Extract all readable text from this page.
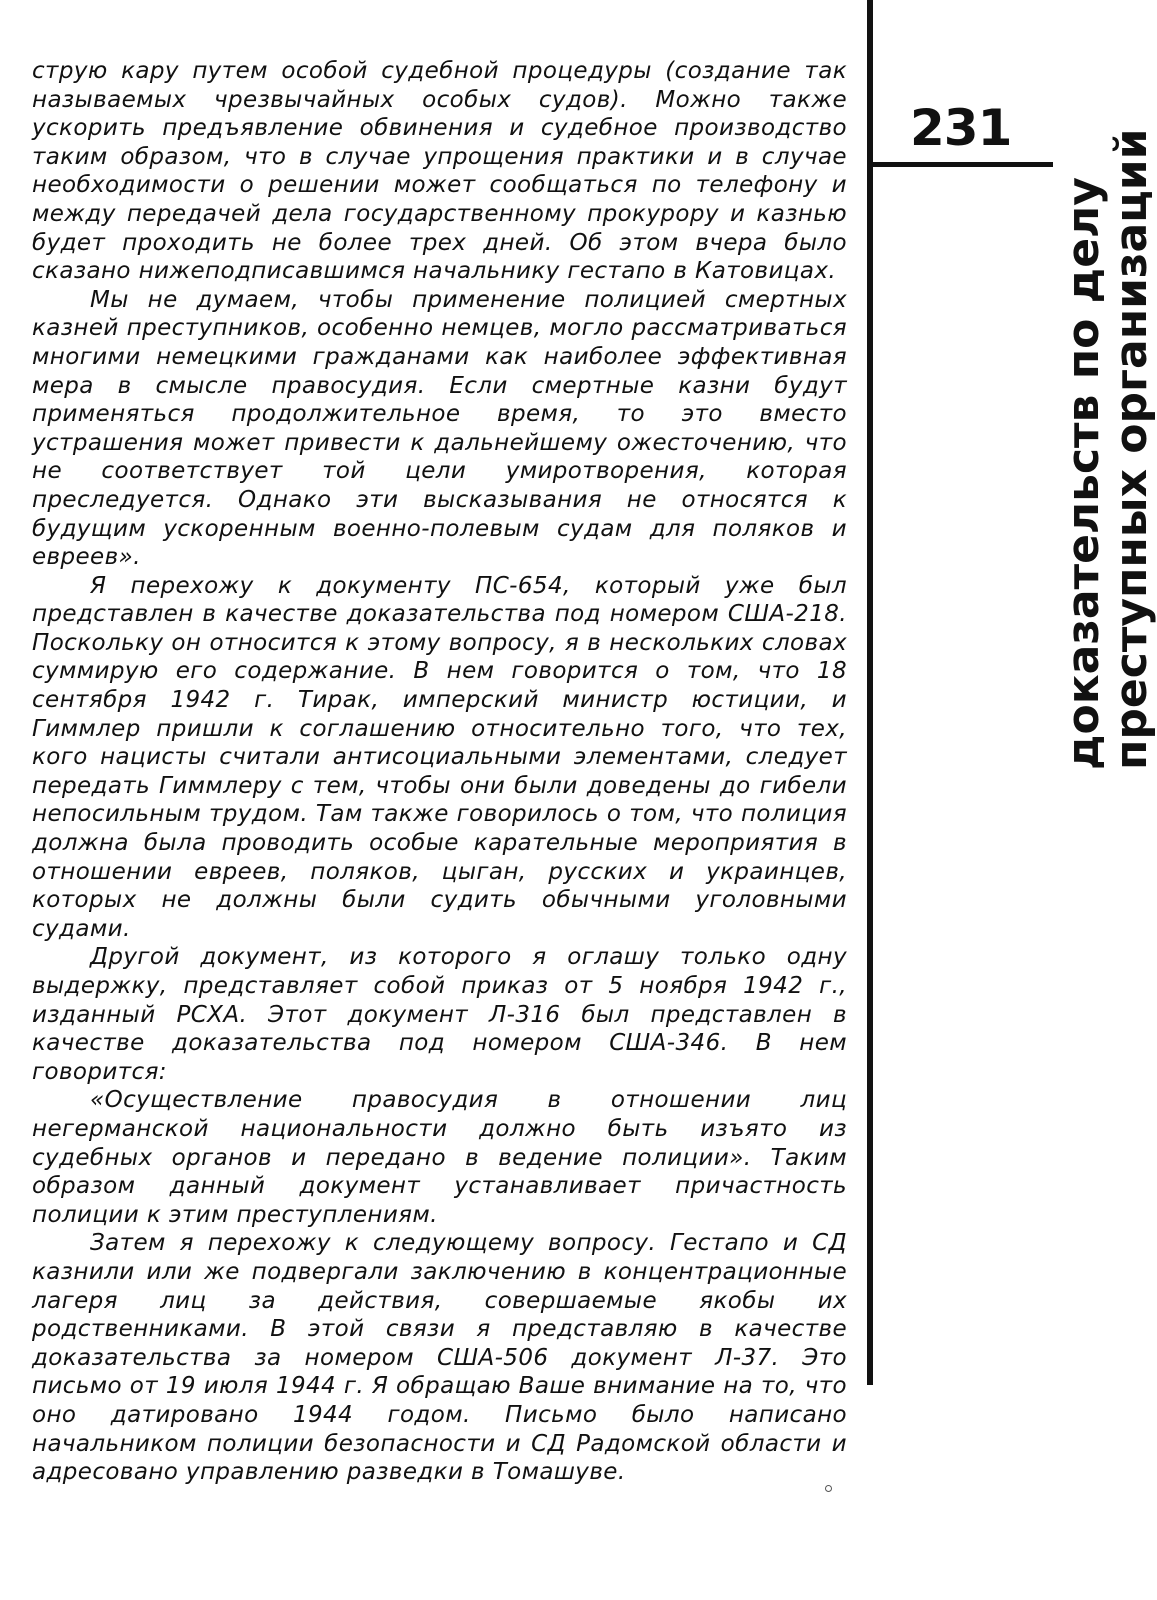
струю кару путем особой судебной процедуры (создание так называемых чрезвычайных особых судов). Можно также ускорить предъявление обвинения и судебное производство таким образом, что в случае упрощения практики и в случае необходимости о решении может сообщаться по телефону и между передачей дела государственному прокурору и казнью будет проходить не более трех дней. Об этом вчера было сказано нижеподписавшимся начальнику гестапо в Катовицах.

Мы не думаем, чтобы применение полицией смертных казней преступников, особенно немцев, могло рассматриваться многими немецкими гражданами как наиболее эффективная мера в смысле правосудия. Если смертные казни будут применяться продолжительное время, то это вместо устрашения может привести к дальнейшему ожесточению, что не соответствует той цели умиротворения, которая преследуется. Однако эти высказывания не относятся к будущим ускоренным военно-полевым судам для поляков и евреев».

Я перехожу к документу ПС-654, который уже был представлен в качестве доказательства под номером США-218. Поскольку он относится к этому вопросу, я в нескольких словах суммирую его содержание. В нем говорится о том, что 18 сентября 1942 г. Тирак, имперский министр юстиции, и Гиммлер пришли к соглашению относительно того, что тех, кого нацисты считали антисоциальными элементами, следует передать Гиммлеру с тем, чтобы они были доведены до гибели непосильным трудом. Там также говорилось о том, что полиция должна была проводить особые карательные мероприятия в отношении евреев, поляков, цыган, русских и украинцев, которых не должны были судить обычными уголовными судами.

Другой документ, из которого я оглашу только одну выдержку, представляет собой приказ от 5 ноября 1942 г., изданный РСХА. Этот документ Л-316 был представлен в качестве доказательства под номером США-346. В нем говорится:

«Осуществление правосудия в отношении лиц негерманской национальности должно быть изъято из судебных органов и передано в ведение полиции». Таким образом данный документ устанавливает причастность полиции к этим преступлениям.

Затем я перехожу к следующему вопросу. Гестапо и СД казнили или же подвергали заключению в концентрационные лагеря лиц за действия, совершаемые якобы их родственниками. В этой связи я представляю в качестве доказательства за номером США-506 документ Л-37. Это письмо от 19 июля 1944 г. Я обращаю Ваше внимание на то, что оно датировано 1944 годом. Письмо было написано начальником полиции безопасности и СД Радомской области и адресовано управлению разведки в Томашуве.

231
доказательств по делу
преступных организаций
